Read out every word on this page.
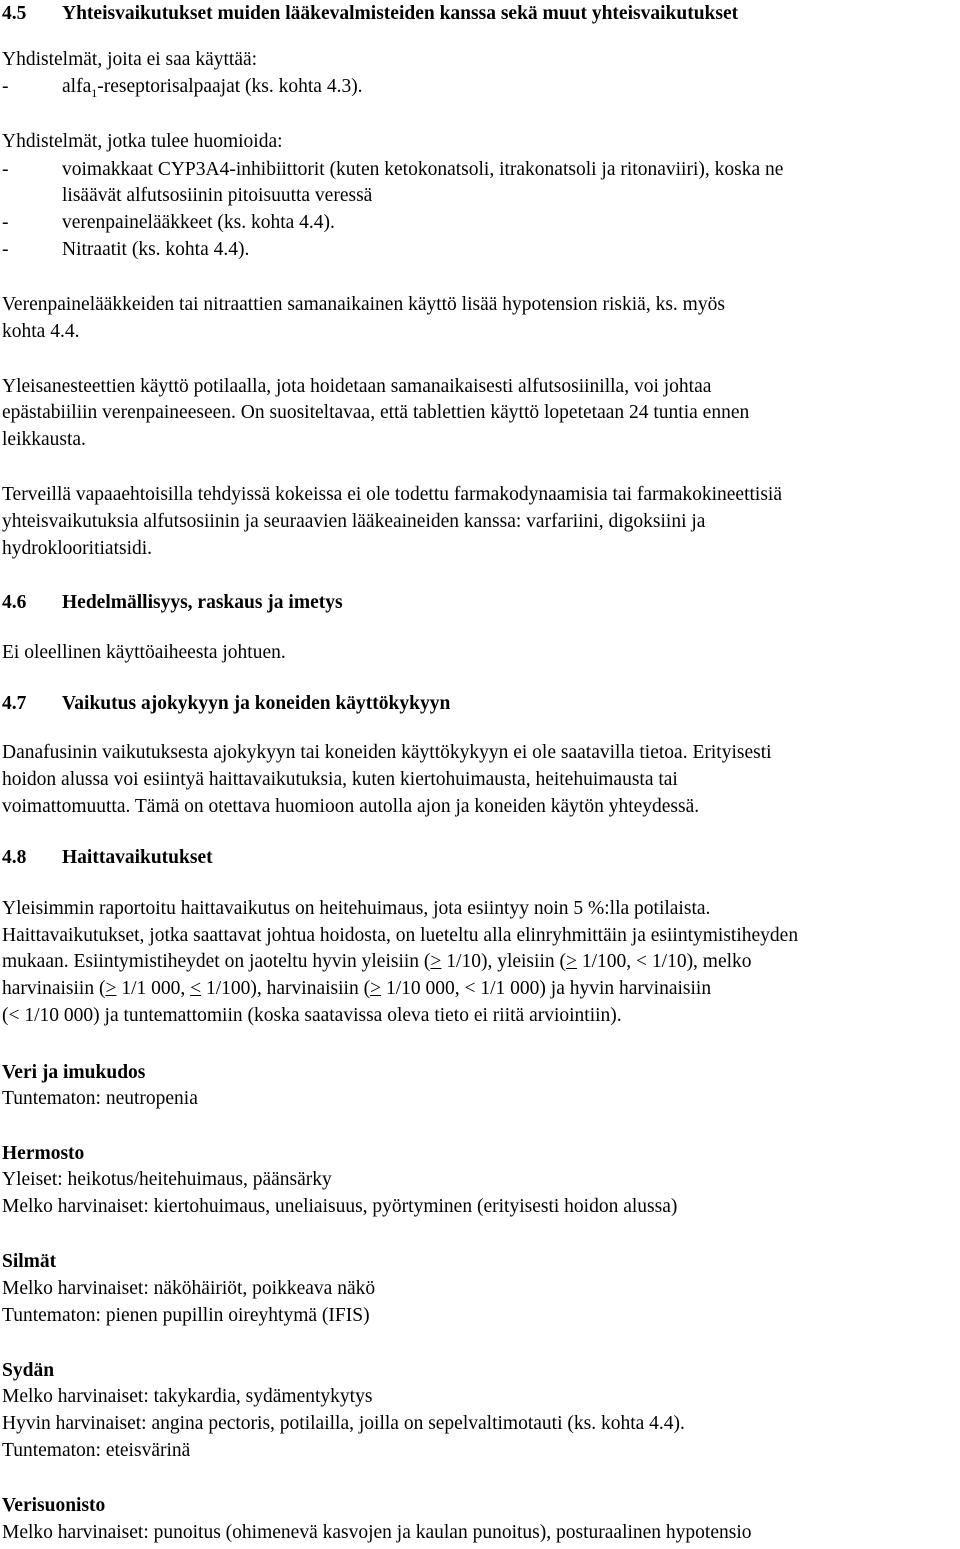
4.5 Yhteisvaikutukset muiden lääkevalmisteiden kanssa sekä muut yhteisvaikutukset
Yhdistelmät, joita ei saa käyttää:
-	alfa$_1$-reseptorisalpaajat (ks. kohta 4.3).
Yhdistelmät, jotka tulee huomioida:
-	voimakkaat CYP3A4-inhibiittorit (kuten ketokonatsoli, itrakonatsoli ja ritonaviiri), koska ne
lisäävät alfutsosiinin pitoisuutta veressä
-	verenpainelääkkeet (ks. kohta 4.4).
-	Nitraatit (ks. kohta 4.4).
Verenpainelääkkeiden tai nitraattien samanaikainen käyttö lisää hypotension riskiä, ks. myös
kohta 4.4.
Yleisanesteettien käyttö potilaalla, jota hoidetaan samanaikaisesti alfutsosiinilla, voi johtaa
epästabiiliin verenpaineeseen. On suositeltavaa, että tablettien käyttö lopetetaan 24 tuntia ennen
leikkausta.
Terveillä vapaaehtoisilla tehdyissä kokeissa ei ole todettu farmakodynaamisia tai farmakokineettisiä
yhteisvaikutuksia alfutsosiinin ja seuraavien lääkeaineiden kanssa: varfariini, digoksiini ja
hydroklooritiatsidi.
4.6 Hedelmällisyys, raskaus ja imetys
Ei oleellinen käyttöaiheesta johtuen.
4.7 Vaikutus ajokykyyn ja koneiden käyttökykyyn
Danafusinin vaikutuksesta ajokykyyn tai koneiden käyttökykyyn ei ole saatavilla tietoa. Erityisesti
hoidon alussa voi esiintyä haittavaikutuksia, kuten kiertohuimausta, heitehuimausta tai
voimattomuutta. Tämä on otettava huomioon autolla ajon ja koneiden käytön yhteydessä.
4.8 Haittavaikutukset
Yleisimmin raportoitu haittavaikutus on heitehuimaus, jota esiintyy noin 5 %:lla potilaista.
Haittavaikutukset, jotka saattavat johtua hoidosta, on lueteltu alla elinryhmittäin ja esiintymistiheyden
mukaan. Esiintymistiheydet on jaoteltu hyvin yleisiin (> 1/10), yleisiin (> 1/100, < 1/10), melko
harvinaisiin (> 1/1 000, < 1/100), harvinaisiin (> 1/10 000, < 1/1 000) ja hyvin harvinaisiin
(< 1/10 000) ja tuntemattomiin (koska saatavissa oleva tieto ei riitä arviointiin).
Veri ja imukudos
Tuntematon: neutropenia
Hermosto
Yleiset: heikotus/heitehuimaus, päänsärky
Melko harvinaiset: kiertohuimaus, uneliaisuus, pyörtyminen (erityisesti hoidon alussa)
Silmät
Melko harvinaiset: näköhäiriöt, poikkeava näkö
Tuntematon: pienen pupillin oireyhtymä (IFIS)
Sydän
Melko harvinaiset: takykardia, sydämentykytys
Hyvin harvinaiset: angina pectoris, potilailla, joilla on sepelvaltimotauti (ks. kohta 4.4).
Tuntematon: eteisvärinä
Verisuonisto
Melko harvinaiset: punoitus (ohimenevä kasvojen ja kaulan punoitus), posturaalinen hypotensio
